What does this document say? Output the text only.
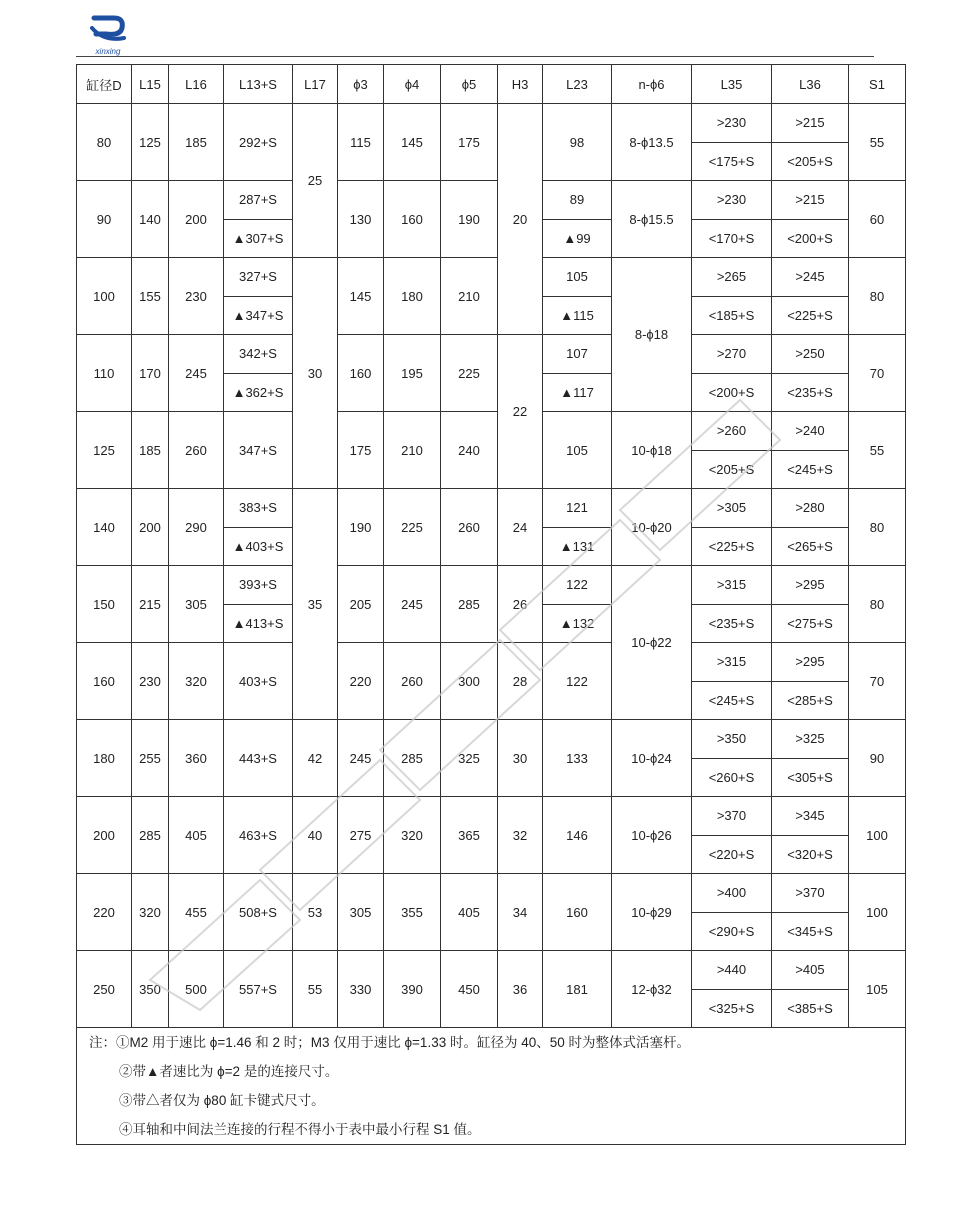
xinxing
缸径D	L15	L16	L13+S	L17	ϕ3	ϕ4	ϕ5	H3	L23	n-ϕ6	L35	L36	S1
80	125	185	292+S	25	115	145	175	20	98	8-ϕ13.5	>230	>215	55
											<175+S	<205+S	
90	140	200	287+S		130	160	190		89	8-ϕ15.5	>230	>215	60
			▲307+S						▲99		<170+S	<200+S	
100	155	230	327+S	30	145	180	210		105	8-ϕ18	>265	>245	80
			▲347+S						▲115		<185+S	<225+S	
110	170	245	342+S		160	195	225	22	107		>270	>250	70
			▲362+S						▲117		<200+S	<235+S	
125	185	260	347+S		175	210	240		105	10-ϕ18	>260	>240	55
											<205+S	<245+S	
140	200	290	383+S	35	190	225	260	24	121	10-ϕ20	>305	>280	80
			▲403+S						▲131		<225+S	<265+S	
150	215	305	393+S		205	245	285	26	122	10-ϕ22	>315	>295	80
			▲413+S						▲132		<235+S	<275+S	
160	230	320	403+S		220	260	300	28	122		>315	>295	70
											<245+S	<285+S	
180	255	360	443+S	42	245	285	325	30	133	10-ϕ24	>350	>325	90
											<260+S	<305+S	
200	285	405	463+S	40	275	320	365	32	146	10-ϕ26	>370	>345	100
											<220+S	<320+S	
220	320	455	508+S	53	305	355	405	34	160	10-ϕ29	>400	>370	100
											<290+S	<345+S	
250	350	500	557+S	55	330	390	450	36	181	12-ϕ32	>440	>405	105
											<325+S	<385+S	

注：①M2 用于速比 ϕ=1.46 和 2 时；M3 仅用于速比 ϕ=1.33 时。缸径为 40、50 时为整体式活塞杆。
②带▲者速比为 ϕ=2 是的连接尺寸。
③带△者仅为 ϕ80 缸卡键式尺寸。
④耳轴和中间法兰连接的行程不得小于表中最小行程 S1 值。													
